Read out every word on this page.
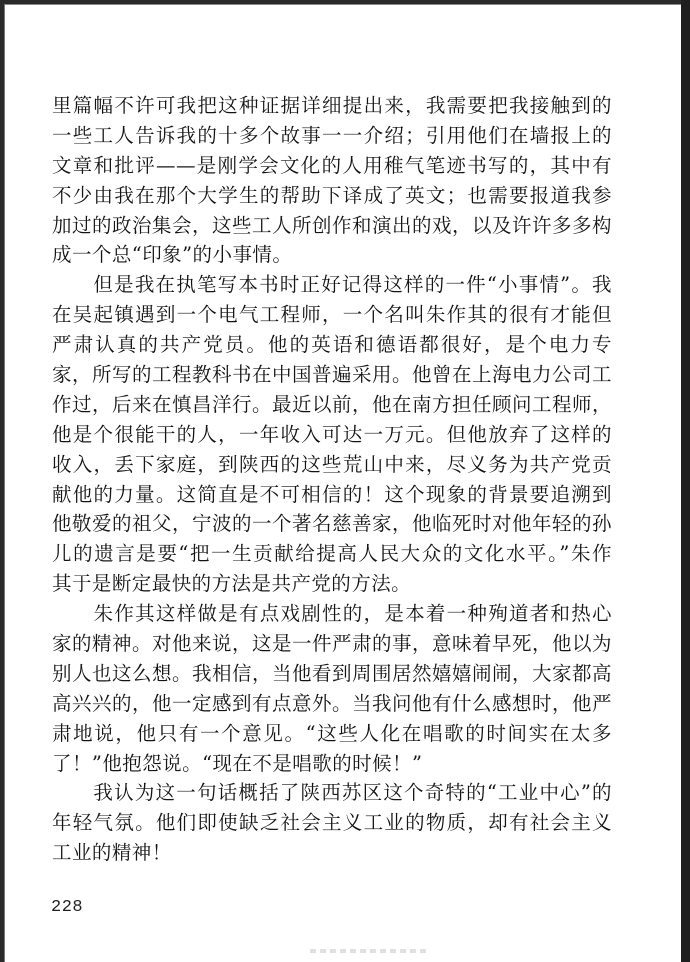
里篇幅不许可我把这种证据详细提出来，我需要把我接触到的
一些工人告诉我的十多个故事一一介绍；引用他们在墙报上的
文章和批评——是刚学会文化的人用稚气笔迹书写的，其中有
不少由我在那个大学生的帮助下译成了英文；也需要报道我参
加过的政治集会，这些工人所创作和演出的戏，以及许许多多构
成一个总“印象”的小事情。
　　但是我在执笔写本书时正好记得这样的一件“小事情”。我
在吴起镇遇到一个电气工程师，一个名叫朱作其的很有才能但
严肃认真的共产党员。他的英语和德语都很好，是个电力专
家，所写的工程教科书在中国普遍采用。他曾在上海电力公司工
作过，后来在慎昌洋行。最近以前，他在南方担任顾问工程师，
他是个很能干的人，一年收入可达一万元。但他放弃了这样的
收入，丢下家庭，到陕西的这些荒山中来，尽义务为共产党贡
献他的力量。这简直是不可相信的！这个现象的背景要追溯到
他敬爱的祖父，宁波的一个著名慈善家，他临死时对他年轻的孙
儿的遗言是要“把一生贡献给提高人民大众的文化水平。”朱作
其于是断定最快的方法是共产党的方法。
　　朱作其这样做是有点戏剧性的，是本着一种殉道者和热心
家的精神。对他来说，这是一件严肃的事，意味着早死，他以为
别人也这么想。我相信，当他看到周围居然嬉嬉闹闹，大家都高
高兴兴的，他一定感到有点意外。当我问他有什么感想时，他严
肃地说，他只有一个意见。“这些人化在唱歌的时间实在太多
了！”他抱怨说。“现在不是唱歌的时候！”
　　我认为这一句话概括了陕西苏区这个奇特的“工业中心”的
年轻气氛。他们即使缺乏社会主义工业的物质，却有社会主义
工业的精神！
228
